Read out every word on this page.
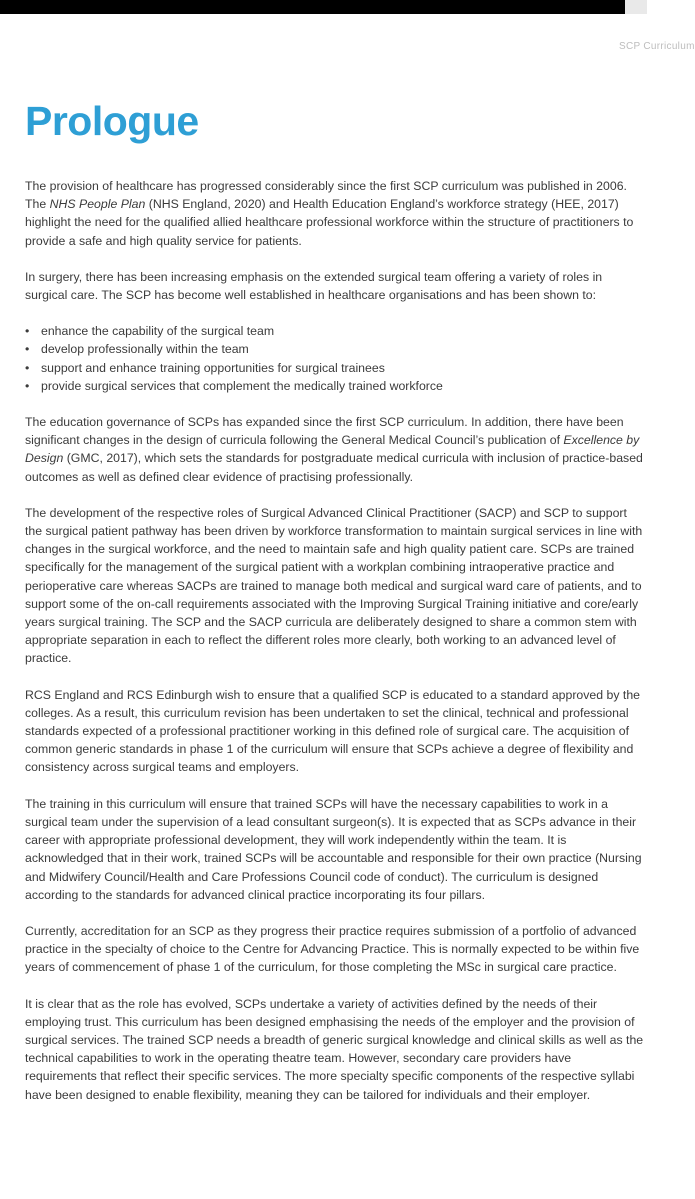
SCP Curriculum
Prologue

The provision of healthcare has progressed considerably since the first SCP curriculum was published in 2006. The NHS People Plan (NHS England, 2020) and Health Education England’s workforce strategy (HEE, 2017) highlight the need for the qualified allied healthcare professional workforce within the structure of practitioners to provide a safe and high quality service for patients.

In surgery, there has been increasing emphasis on the extended surgical team offering a variety of roles in surgical care. The SCP has become well established in healthcare organisations and has been shown to:

• enhance the capability of the surgical team
• develop professionally within the team
• support and enhance training opportunities for surgical trainees
• provide surgical services that complement the medically trained workforce

The education governance of SCPs has expanded since the first SCP curriculum. In addition, there have been significant changes in the design of curricula following the General Medical Council’s publication of Excellence by Design (GMC, 2017), which sets the standards for postgraduate medical curricula with inclusion of practice-based outcomes as well as defined clear evidence of practising professionally.

The development of the respective roles of Surgical Advanced Clinical Practitioner (SACP) and SCP to support the surgical patient pathway has been driven by workforce transformation to maintain surgical services in line with changes in the surgical workforce, and the need to maintain safe and high quality patient care. SCPs are trained specifically for the management of the surgical patient with a workplan combining intraoperative practice and perioperative care whereas SACPs are trained to manage both medical and surgical ward care of patients, and to support some of the on-call requirements associated with the Improving Surgical Training initiative and core/early years surgical training. The SCP and the SACP curricula are deliberately designed to share a common stem with appropriate separation in each to reflect the different roles more clearly, both working to an advanced level of practice.

RCS England and RCS Edinburgh wish to ensure that a qualified SCP is educated to a standard approved by the colleges. As a result, this curriculum revision has been undertaken to set the clinical, technical and professional standards expected of a professional practitioner working in this defined role of surgical care. The acquisition of common generic standards in phase 1 of the curriculum will ensure that SCPs achieve a degree of flexibility and consistency across surgical teams and employers.

The training in this curriculum will ensure that trained SCPs will have the necessary capabilities to work in a surgical team under the supervision of a lead consultant surgeon(s). It is expected that as SCPs advance in their career with appropriate professional development, they will work independently within the team. It is acknowledged that in their work, trained SCPs will be accountable and responsible for their own practice (Nursing and Midwifery Council/Health and Care Professions Council code of conduct). The curriculum is designed according to the standards for advanced clinical practice incorporating its four pillars.

Currently, accreditation for an SCP as they progress their practice requires submission of a portfolio of advanced practice in the specialty of choice to the Centre for Advancing Practice. This is normally expected to be within five years of commencement of phase 1 of the curriculum, for those completing the MSc in surgical care practice.

It is clear that as the role has evolved, SCPs undertake a variety of activities defined by the needs of their employing trust. This curriculum has been designed emphasising the needs of the employer and the provision of surgical services. The trained SCP needs a breadth of generic surgical knowledge and clinical skills as well as the technical capabilities to work in the operating theatre team. However, secondary care providers have requirements that reflect their specific services. The more specialty specific components of the respective syllabi have been designed to enable flexibility, meaning they can be tailored for individuals and their employer.
